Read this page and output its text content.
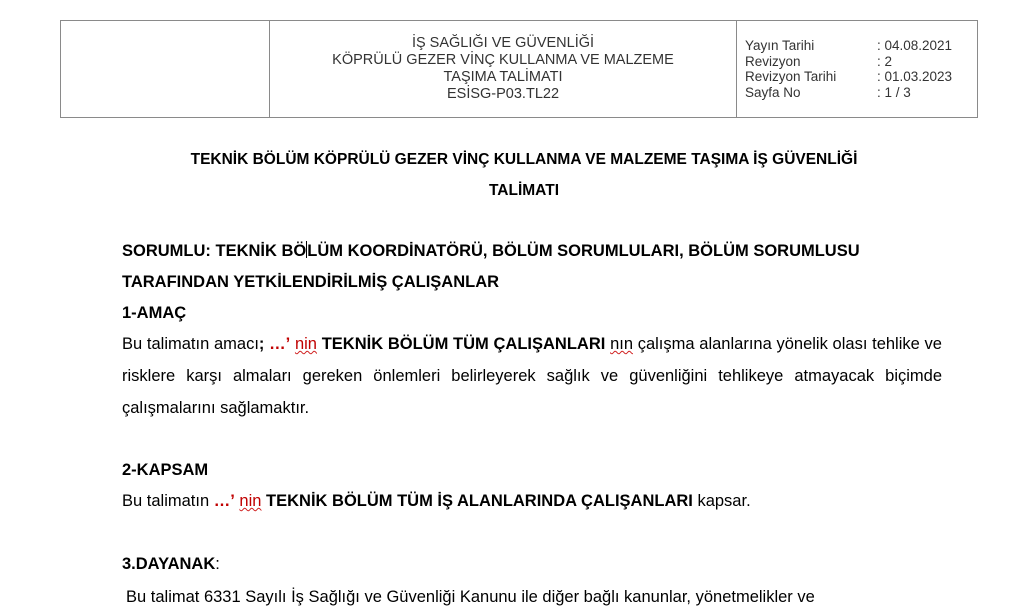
İŞ SAĞLIĞI VE GÜVENLİĞİ
KÖPRÜLÜ GEZER VİNÇ KULLANMA VE MALZEME
TAŞIMA TALİMATI
ESİSG-P03.TL22
Yayın Tarihi	: 04.08.2021
Revizyon	: 2
Revizyon Tarihi	: 01.03.2023
Sayfa No	: 1 / 3
TEKNİK BÖLÜM KÖPRÜLÜ GEZER VİNÇ KULLANMA VE MALZEME TAŞIMA İŞ GÜVENLİĞİ
TALİMATI
SORUMLU: TEKNİK BÖLÜM KOORDİNATÖRÜ, BÖLÜM SORUMLULARI, BÖLÜM SORUMLUSU
TARAFINDAN YETKİLENDİRİLMİŞ ÇALIŞANLAR
1-AMAÇ
Bu talimatın amacı; …’ nin TEKNİK BÖLÜM TÜM ÇALIŞANLARI nın çalışma alanlarına yönelik olası tehlike ve risklere karşı almaları gereken önlemleri belirleyerek sağlık ve güvenliğini tehlikeye atmayacak biçimde çalışmalarını sağlamaktır.
2-KAPSAM
Bu talimatın …’ nin TEKNİK BÖLÜM TÜM İŞ ALANLARINDA ÇALIŞANLARI kapsar.
3.DAYANAK:
Bu talimat 6331 Sayılı İş Sağlığı ve Güvenliği Kanunu ile diğer bağlı kanunlar, yönetmelikler ve
